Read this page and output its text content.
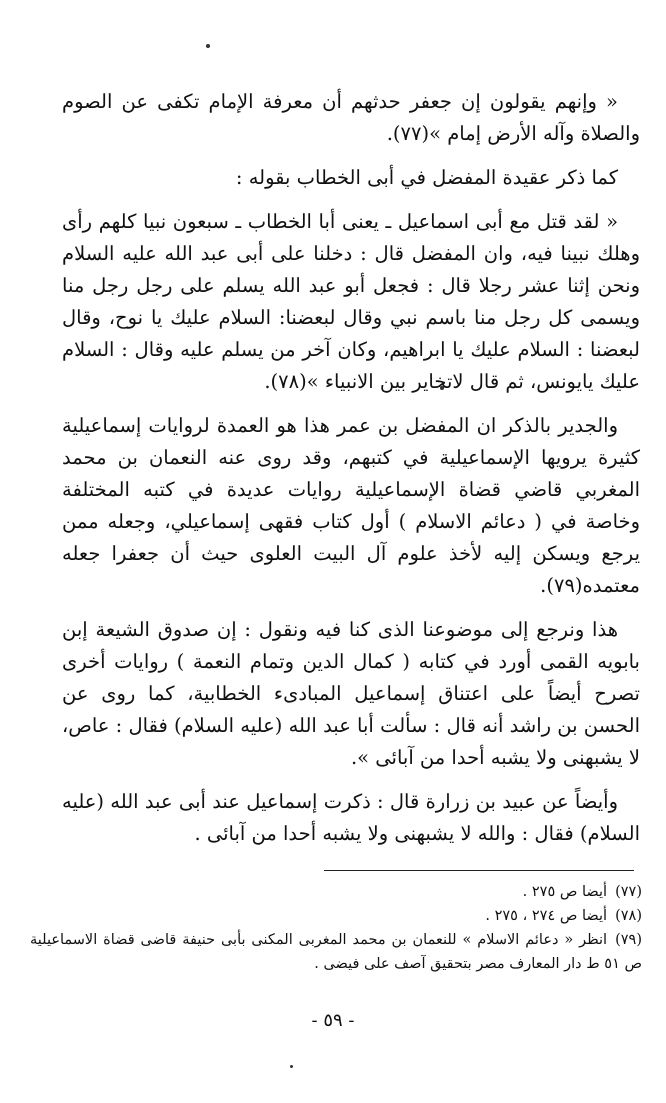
« وإنهم يقولون إن جعفر حدثهم أن معرفة الإمام تكفى عن الصوم والصلاة وآله الأرض إمام »(٧٧).

كما ذكر عقيدة المفضل في أبى الخطاب بقوله :

« لقد قتل مع أبى اسماعيل ـ يعنى أبا الخطاب ـ سبعون نبيا كلهم رأى وهلك نبينا فيه، وان المفضل قال : دخلنا على أبى عبد الله عليه السلام ونحن إثنا عشر رجلا قال : فجعل أبو عبد الله يسلم على رجل رجل منا ويسمى كل رجل منا باسم نبي وقال لبعضنا: السلام عليك يا نوح، وقال لبعضنا : السلام عليك يا ابراهيم، وكان آخر من يسلم عليه وقال : السلام عليك يايونس، ثم قال لاتخاير بين الانبياء »(٧٨).

والجدير بالذكر ان المفضل بن عمر هذا هو العمدة لروايات إسماعيلية كثيرة يرويها الإسماعيلية في كتبهم، وقد روى عنه النعمان بن محمد المغربي قاضي قضاة الإسماعيلية روايات عديدة في كتبه المختلفة وخاصة في ( دعائم الاسلام ) أول كتاب فقهى إسماعيلي، وجعله ممن يرجع ويسكن إليه لأخذ علوم آل البيت العلوى حيث أن جعفرا جعله معتمده(٧٩).

هذا ونرجع إلى موضوعنا الذى كنا فيه ونقول : إن صدوق الشيعة إبن بابويه القمى أورد في كتابه ( كمال الدين وتمام النعمة ) روايات أخرى تصرح أيضاً على اعتناق إسماعيل المبادىء الخطابية، كما روى عن الحسن بن راشد أنه قال : سألت أبا عبد الله (عليه السلام) فقال : عاص، لا يشبهنى ولا يشبه أحدا من آبائى ».

وأيضاً عن عبيد بن زرارة قال : ذكرت إسماعيل عند أبى عبد الله (عليه السلام) فقال : والله لا يشبهنى ولا يشبه أحدا من آبائى .

(٧٧)أيضا ص ٢٧٥ .

(٧٨)أيضا ص ٢٧٤ ، ٢٧٥ .

(٧٩)انظر « دعائم الاسلام » للنعمان بن محمد المغربى المكنى بأبى حنيفة قاضى قضاة الاسماعيلية ص ٥١ ط دار المعارف مصر بتحقيق آصف على فيضى .

- ٥٩ -
